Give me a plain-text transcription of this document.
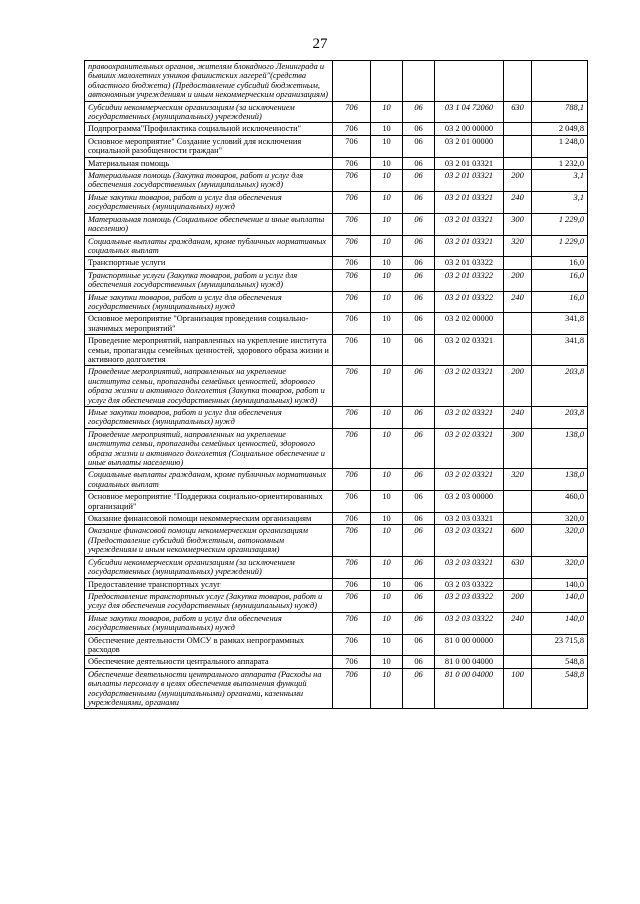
27
правоохранительных органов, жителям блокадного Ленинграда и бывших малолетних узников фашистских лагерей"(средства областного бюджета) (Предоставление субсидий бюджетным, автономным учреждениям и иным некоммерческим организациям)						
Субсидии некоммерческим организациям (за исключением государственных (муниципальных) учреждений)	706	10	06	03 1 04 72060	630	788,1
Подпрограмма"Профилактика социальной исключенности"	706	10	06	03 2 00 00000		2 049,8
Основное мероприятие" Создание условий для исключения социальной разобщенности граждан"	706	10	06	03 2 01 00000		1 248,0
Материальная помощь	706	10	06	03 2 01 03321		1 232,0
Материальная помощь (Закупка товаров, работ и услуг для обеспечения государственных (муниципальных) нужд)	706	10	06	03 2 01 03321	200	3,1
Иные закупки товаров, работ и услуг для обеспечения государственных (муниципальных) нужд	706	10	06	03 2 01 03321	240	3,1
Материальная помощь (Социальное обеспечение и иные выплаты населению)	706	10	06	03 2 01 03321	300	1 229,0
Социальные выплаты гражданам, кроме публичных нормативных социальных выплат	706	10	06	03 2 01 03321	320	1 229,0
Транспортные услуги	706	10	06	03 2 01 03322		16,0
Транспортные услуги (Закупка товаров, работ и услуг для обеспечения государственных (муниципальных) нужд)	706	10	06	03 2 01 03322	200	16,0
Иные закупки товаров, работ и услуг для обеспечения государственных (муниципальных) нужд	706	10	06	03 2 01 03322	240	16,0
Основное мероприятие "Организация проведения социально-значимых мероприятий"	706	10	06	03 2 02 00000		341,8
Проведение мероприятий, направленных на укрепление института семьи, пропаганды семейных ценностей, здорового образа жизни и активного долголетия	706	10	06	03 2 02 03321		341,8
Проведение мероприятий, направленных на укрепление института семьи, пропаганды семейных ценностей, здорового образа жизни и активного долголетия (Закупка товаров, работ и услуг для обеспечения государственных (муниципальных) нужд)	706	10	06	03 2 02 03321	200	203,8
Иные закупки товаров, работ и услуг для обеспечения государственных (муниципальных) нужд	706	10	06	03 2 02 03321	240	203,8
Проведение мероприятий, направленных на укрепление института семьи, пропаганды семейных ценностей, здорового образа жизни и активного долголетия (Социальное обеспечение и иные выплаты населению)	706	10	06	03 2 02 03321	300	138,0
Социальные выплаты гражданам, кроме публичных нормативных социальных выплат	706	10	06	03 2 02 03321	320	138,0
Основное мероприятие "Поддержка социально-ориентированных организаций"	706	10	06	03 2 03 00000		460,0
Оказание финансовой помощи некоммерческим организациям	706	10	06	03 2 03 03321		320,0
Оказание финансовой помощи некоммерческим организациям (Предоставление субсидий бюджетным, автономным учреждениям и иным некоммерческим организациям)	706	10	06	03 2 03 03321	600	320,0
Субсидии некоммерческим организациям (за исключением государственных (муниципальных) учреждений)	706	10	06	03 2 03 03321	630	320,0
Предоставление транспортных услуг	706	10	06	03 2 03 03322		140,0
Предоставление транспортных услуг (Закупка товаров, работ и услуг для обеспечения государственных (муниципальных) нужд)	706	10	06	03 2 03 03322	200	140,0
Иные закупки товаров, работ и услуг для обеспечения государственных (муниципальных) нужд	706	10	06	03 2 03 03322	240	140,0
Обеспечение деятельности ОМСУ в рамках непрограммных расходов	706	10	06	81 0 00 00000		23 715,8
Обеспечение деятельности центрального аппарата	706	10	06	81 0 00 04000		548,8
Обеспечение деятельности центрального аппарата (Расходы на выплаты персоналу в целях обеспечения выполнения функций государственными (муниципальными) органами, казенными учреждениями, органами	706	10	06	81 0 00 04000	100	548,8
